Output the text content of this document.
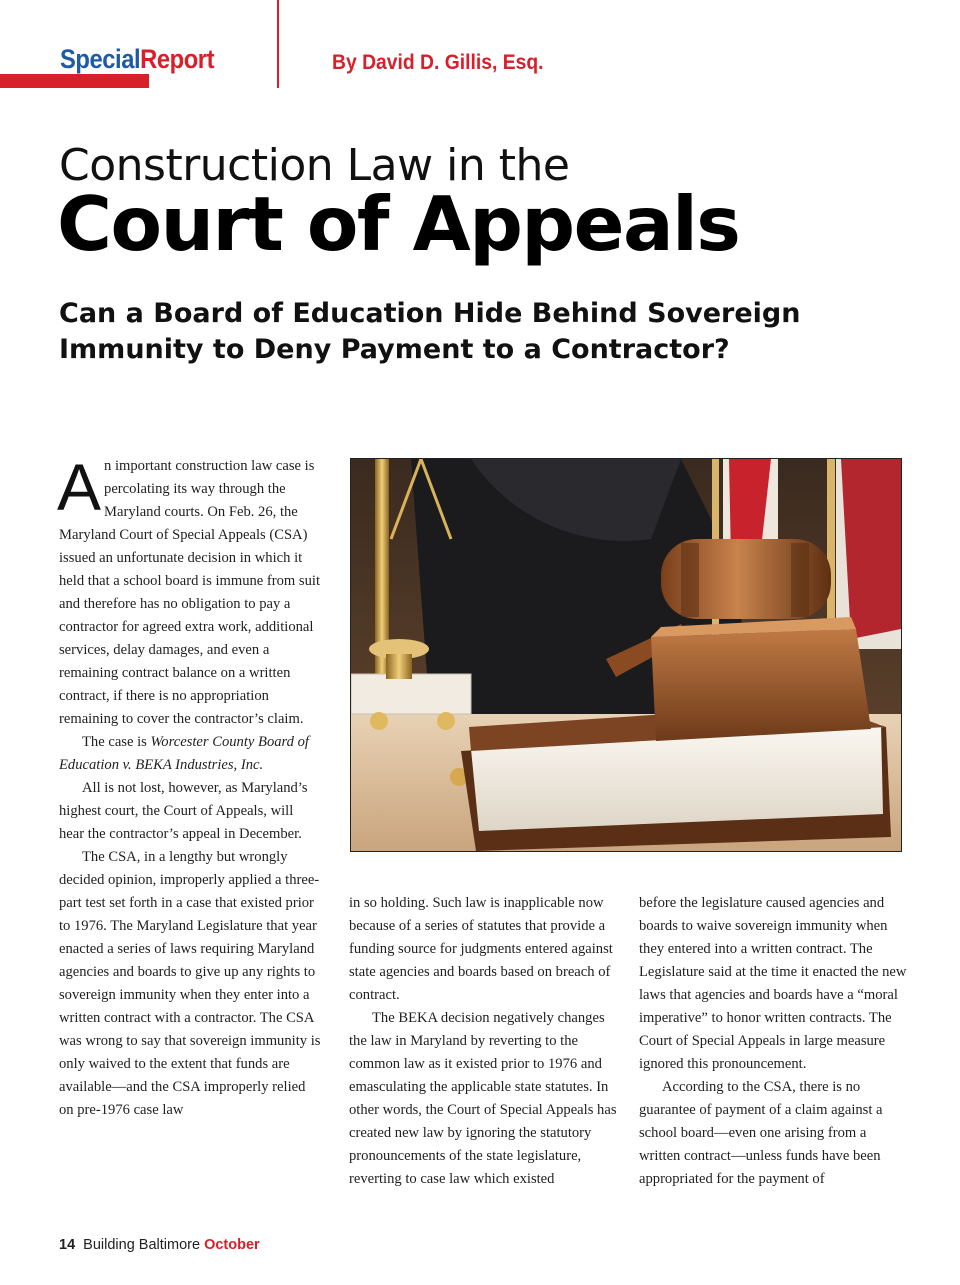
SpecialReport	By David D. Gillis, Esq.
Construction Law in the
Court of Appeals
Can a Board of Education Hide Behind Sovereign Immunity to Deny Payment to a Contractor?

An important construction law case is percolating its way through the Maryland courts. On Feb. 26, the Maryland Court of Special Appeals (CSA) issued an unfortunate decision in which it held that a school board is immune from suit and therefore has no obligation to pay a contractor for agreed extra work, additional services, delay damages, and even a remaining contract balance on a written contract, if there is no appropriation remaining to cover the contractor’s claim.

The case is Worcester County Board of Education v. BEKA Industries, Inc.

All is not lost, however, as Maryland’s highest court, the Court of Appeals, will hear the contractor’s appeal in December.

The CSA, in a lengthy but wrongly decided opinion, improperly applied a three-part test set forth in a case that existed prior to 1976. The Maryland Legislature that year enacted a series of laws requiring Maryland agencies and boards to give up any rights to sovereign immunity when they enter into a written contract with a contractor. The CSA was wrong to say that sovereign immunity is only waived to the extent that funds are available—and the CSA improperly relied on pre-1976 case law

in so holding. Such law is inapplicable now because of a series of statutes that provide a funding source for judgments entered against state agencies and boards based on breach of contract.

The BEKA decision negatively changes the law in Maryland by reverting to the common law as it existed prior to 1976 and emasculating the applicable state statutes. In other words, the Court of Special Appeals has created new law by ignoring the statutory pronouncements of the state legislature, reverting to case law which existed

before the legislature caused agencies and boards to waive sovereign immunity when they entered into a written contract. The Legislature said at the time it enacted the new laws that agencies and boards have a “moral imperative” to honor written contracts. The Court of Special Appeals in large measure ignored this pronouncement.

According to the CSA, there is no guarantee of payment of a claim against a school board—even one arising from a written contract—unless funds have been appropriated for the payment of

14 Building Baltimore October
